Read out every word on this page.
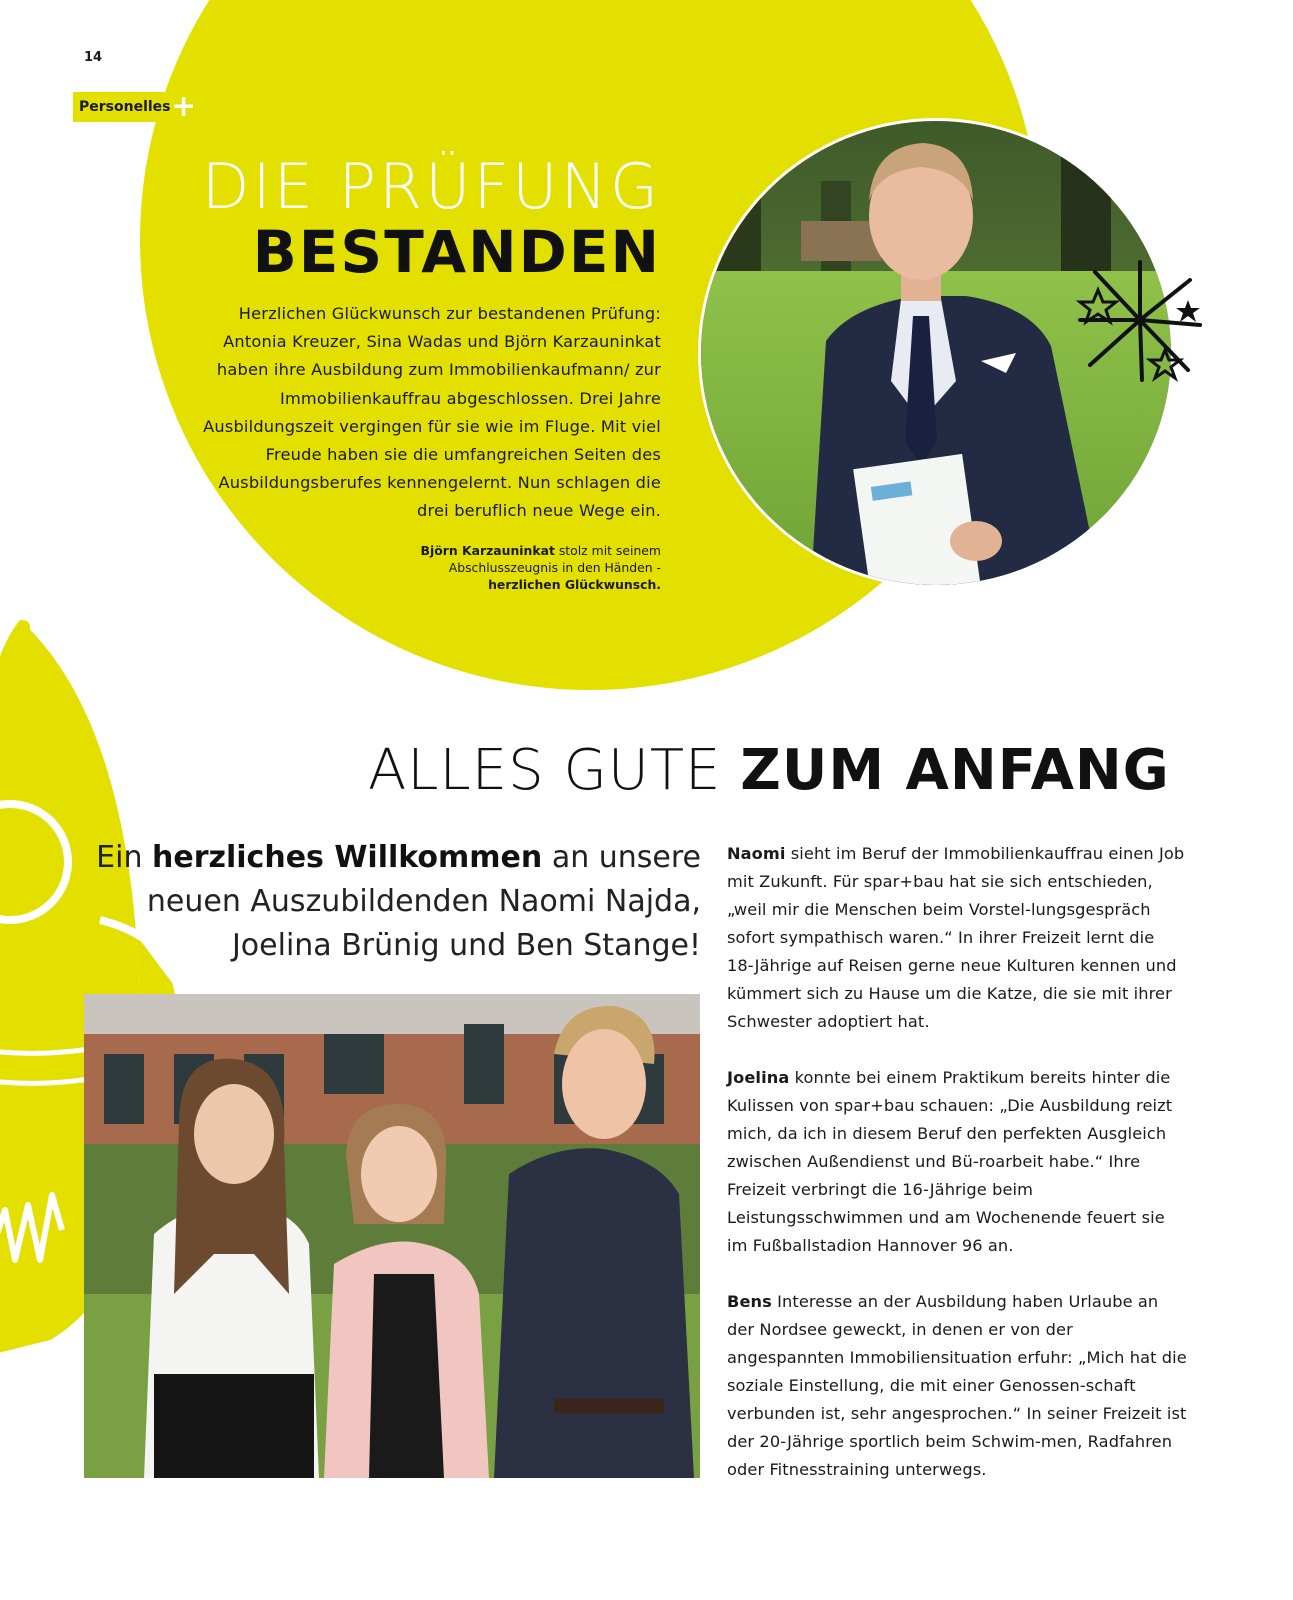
14
Personelles +
DIE PRÜFUNG
BESTANDEN
Herzlichen Glückwunsch zur bestandenen Prüfung: Antonia Kreuzer, Sina Wadas und Björn Karzauninkat haben ihre Ausbildung zum Immobilienkaufmann/ zur Immobilienkauffrau abgeschlossen. Drei Jahre Ausbildungszeit vergingen für sie wie im Fluge. Mit viel Freude haben sie die umfangreichen Seiten des Ausbildungsberufes kennengelernt. Nun schlagen die drei beruflich neue Wege ein.
Björn Karzauninkat stolz mit seinem Abschlusszeugnis in den Händen - herzlichen Glückwunsch.
ALLES GUTE ZUM ANFANG
Ein herzliches Willkommen an unsere neuen Auszubildenden Naomi Najda, Joelina Brünig und Ben Stange!

Naomi sieht im Beruf der Immobilienkauffrau einen Job mit Zukunft. Für spar+bau hat sie sich entschieden, „weil mir die Menschen beim Vorstel-lungsgespräch sofort sympathisch waren.“ In ihrer Freizeit lernt die 18-Jährige auf Reisen gerne neue Kulturen kennen und kümmert sich zu Hause um die Katze, die sie mit ihrer Schwester adoptiert hat.

Joelina konnte bei einem Praktikum bereits hinter die Kulissen von spar+bau schauen: „Die Ausbildung reizt mich, da ich in diesem Beruf den perfekten Ausgleich zwischen Außendienst und Bü-roarbeit habe.“ Ihre Freizeit verbringt die 16-Jährige beim Leistungsschwimmen und am Wochenende feuert sie im Fußballstadion Hannover 96 an.

Bens Interesse an der Ausbildung haben Urlaube an der Nordsee geweckt, in denen er von der angespannten Immobiliensituation erfuhr: „Mich hat die soziale Einstellung, die mit einer Genossen-schaft verbunden ist, sehr angesprochen.“ In seiner Freizeit ist der 20-Jährige sportlich beim Schwim-men, Radfahren oder Fitnesstraining unterwegs.
